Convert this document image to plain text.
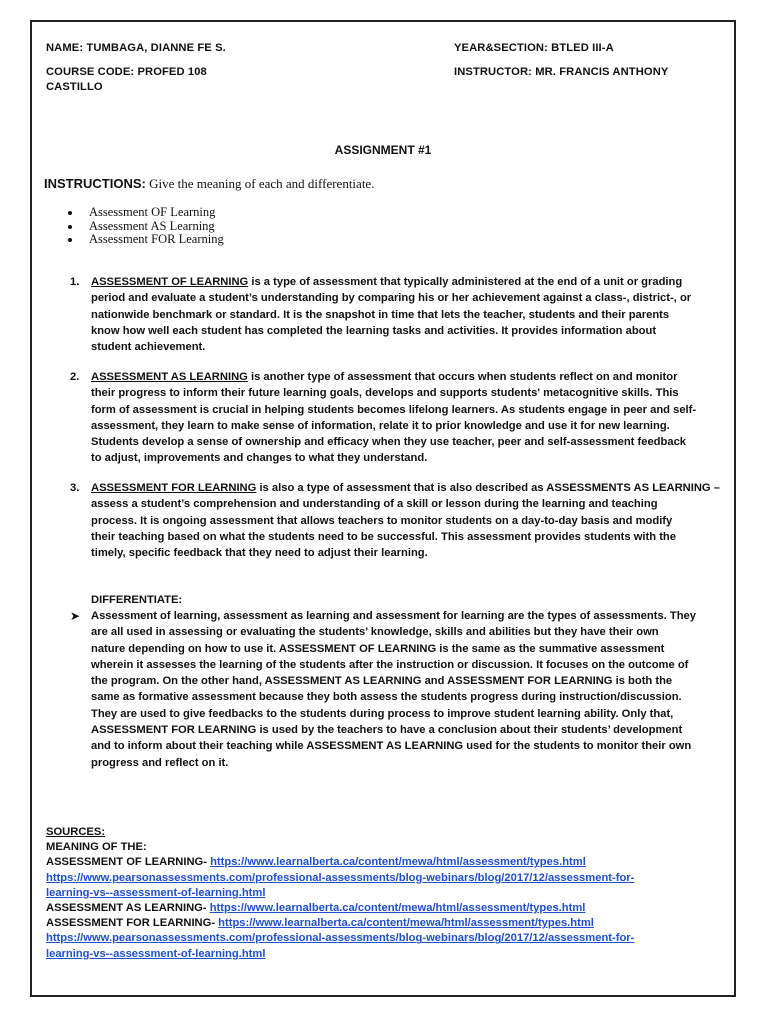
NAME: TUMBAGA, DIANNE FE S.	YEAR&SECTION: BTLED III-A
COURSE CODE: PROFED 108	INSTRUCTOR: MR. FRANCIS ANTHONY
CASTILLO
ASSIGNMENT #1
INSTRUCTIONS: Give the meaning of each and differentiate.
Assessment OF Learning
Assessment AS Learning
Assessment FOR Learning
1. ASSESSMENT OF LEARNING is a type of assessment that typically administered at the end of a unit or grading
period and evaluate a student’s understanding by comparing his or her achievement against a class-, district-, or
nationwide benchmark or standard. It is the snapshot in time that lets the teacher, students and their parents
know how well each student has completed the learning tasks and activities. It provides information about
student achievement.
2. ASSESSMENT AS LEARNING is another type of assessment that occurs when students reflect on and monitor
their progress to inform their future learning goals, develops and supports students' metacognitive skills. This
form of assessment is crucial in helping students becomes lifelong learners. As students engage in peer and self-
assessment, they learn to make sense of information, relate it to prior knowledge and use it for new learning.
Students develop a sense of ownership and efficacy when they use teacher, peer and self-assessment feedback
to adjust, improvements and changes to what they understand.
3. ASSESSMENT FOR LEARNING is also a type of assessment that is also described as ASSESSMENTS AS LEARNING –
assess a student’s comprehension and understanding of a skill or lesson during the learning and teaching
process. It is ongoing assessment that allows teachers to monitor students on a day-to-day basis and modify
their teaching based on what the students need to be successful. This assessment provides students with the
timely, specific feedback that they need to adjust their learning.
DIFFERENTIATE:
➤ Assessment of learning, assessment as learning and assessment for learning are the types of assessments. They
are all used in assessing or evaluating the students’ knowledge, skills and abilities but they have their own
nature depending on how to use it. ASSESSMENT OF LEARNING is the same as the summative assessment
wherein it assesses the learning of the students after the instruction or discussion. It focuses on the outcome of
the program. On the other hand, ASSESSMENT AS LEARNING and ASSESSMENT FOR LEARNING is both the
same as formative assessment because they both assess the students progress during instruction/discussion.
They are used to give feedbacks to the students during process to improve student learning ability. Only that,
ASSESSMENT FOR LEARNING is used by the teachers to have a conclusion about their students’ development
and to inform about their teaching while ASSESSMENT AS LEARNING used for the students to monitor their own
progress and reflect on it.
SOURCES:
MEANING OF THE:
ASSESSMENT OF LEARNING- https://www.learnalberta.ca/content/mewa/html/assessment/types.html
https://www.pearsonassessments.com/professional-assessments/blog-webinars/blog/2017/12/assessment-for-
learning-vs--assessment-of-learning.html
ASSESSMENT AS LEARNING- https://www.learnalberta.ca/content/mewa/html/assessment/types.html
ASSESSMENT FOR LEARNING- https://www.learnalberta.ca/content/mewa/html/assessment/types.html
https://www.pearsonassessments.com/professional-assessments/blog-webinars/blog/2017/12/assessment-for-
learning-vs--assessment-of-learning.html
